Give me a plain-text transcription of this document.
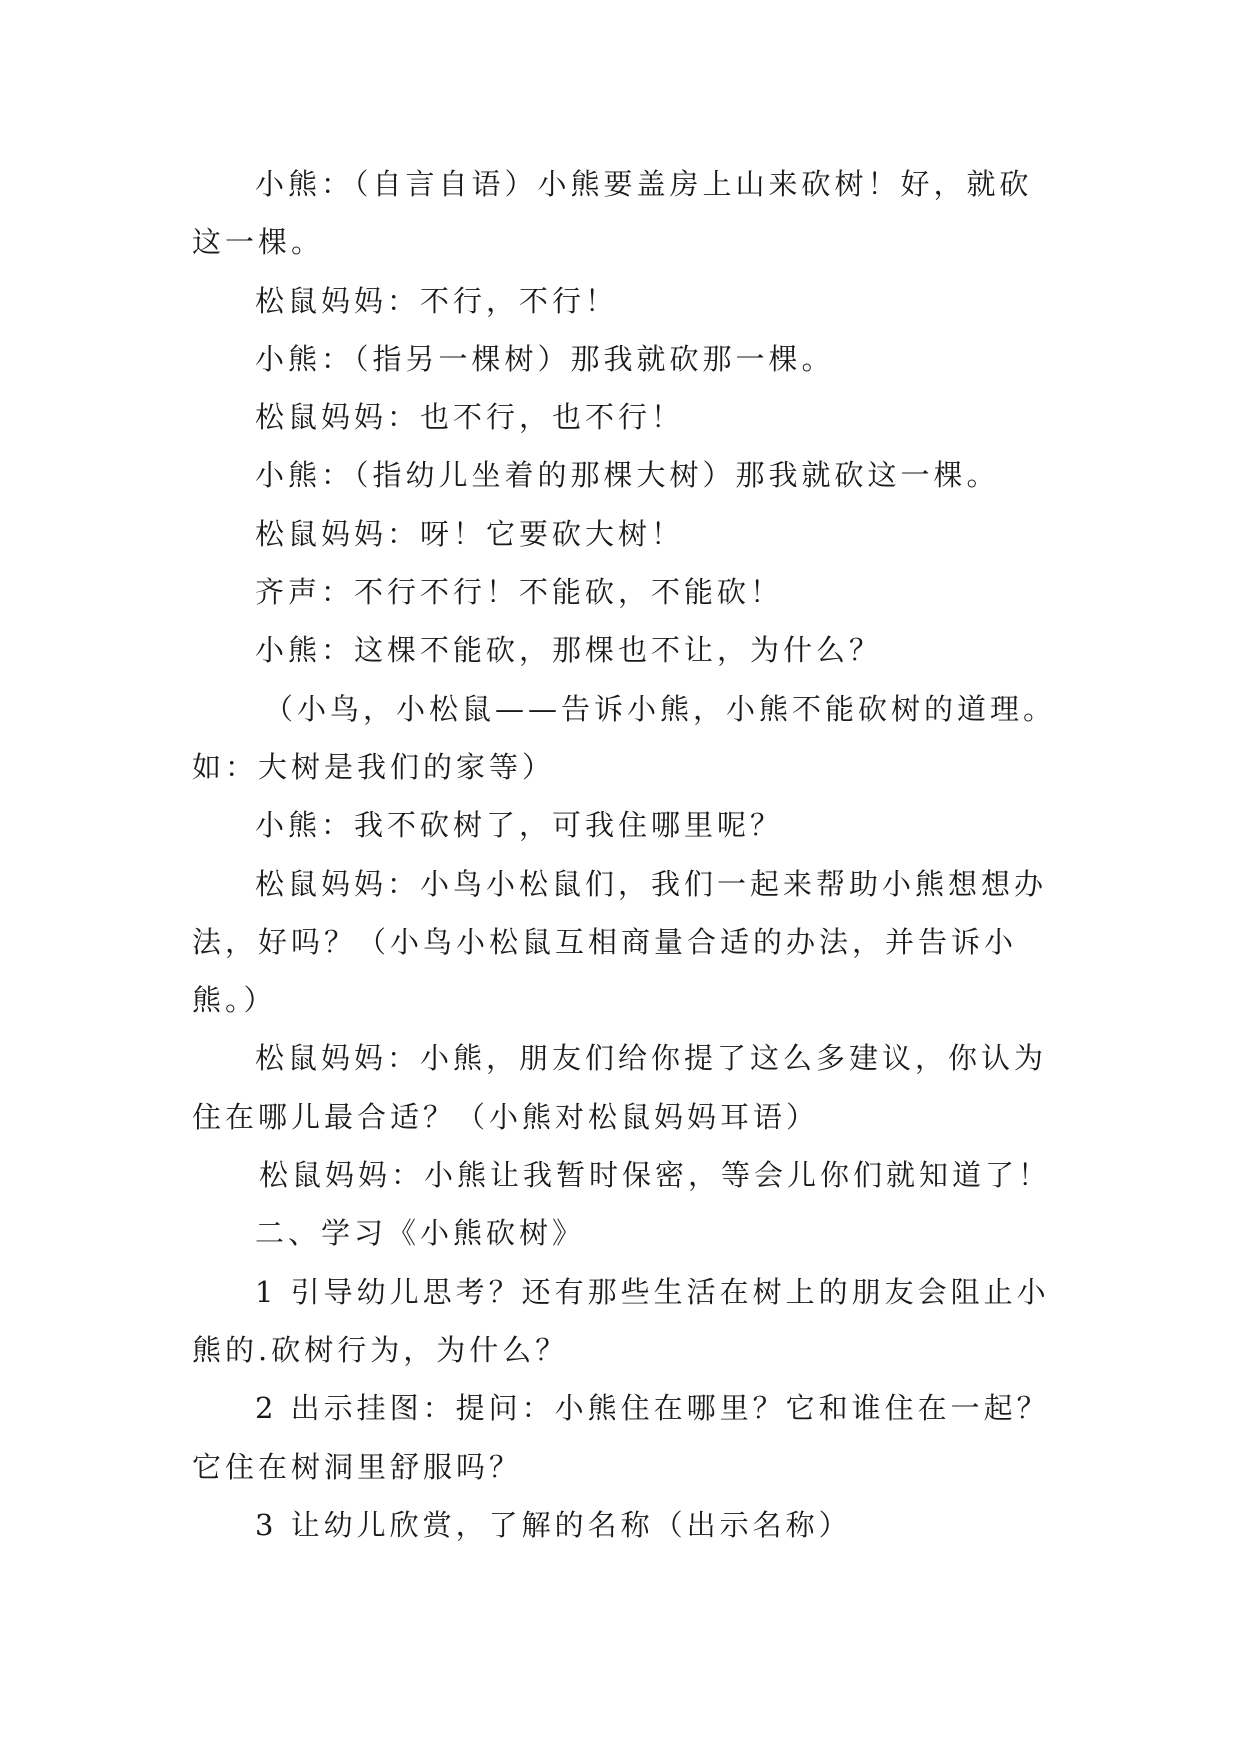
小熊：（自言自语）小熊要盖房上山来砍树！好，就砍
这一棵。
松鼠妈妈：不行，不行！
小熊：（指另一棵树）那我就砍那一棵。
松鼠妈妈：也不行，也不行！
小熊：（指幼儿坐着的那棵大树）那我就砍这一棵。
松鼠妈妈：呀！它要砍大树！
齐声：不行不行！不能砍，不能砍！
小熊：这棵不能砍，那棵也不让，为什么？
（小鸟，小松鼠——告诉小熊，小熊不能砍树的道理。
如：大树是我们的家等）
小熊：我不砍树了，可我住哪里呢？
松鼠妈妈：小鸟小松鼠们，我们一起来帮助小熊想想办
法，好吗？（小鸟小松鼠互相商量合适的办法，并告诉小
熊。）
松鼠妈妈：小熊，朋友们给你提了这么多建议，你认为
住在哪儿最合适？（小熊对松鼠妈妈耳语）
松鼠妈妈：小熊让我暂时保密，等会儿你们就知道了！
二、学习《小熊砍树》
1 引导幼儿思考？还有那些生活在树上的朋友会阻止小
熊的.砍树行为，为什么？
2 出示挂图：提问：小熊住在哪里？它和谁住在一起？
它住在树洞里舒服吗？
3 让幼儿欣赏，了解的名称（出示名称）
